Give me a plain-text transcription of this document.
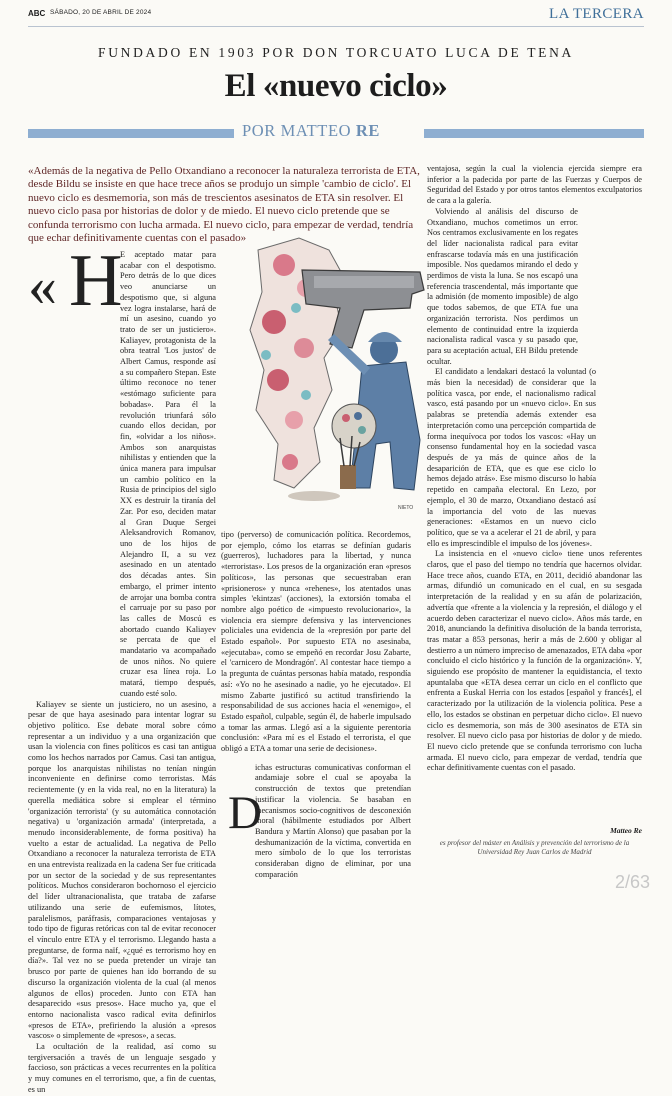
ABC SÁBADO, 20 DE ABRIL DE 2024	LA TERCERA
FUNDADO EN 1903 POR DON TORCUATO LUCA DE TENA
El «nuevo ciclo»
POR MATTEO RE
«Además de la negativa de Pello Otxandiano a reconocer la naturaleza terrorista de ETA, desde Bildu se insiste en que hace trece años se produjo un simple 'cambio de ciclo'. El nuevo ciclo es desmemoria, son más de trescientos asesinatos de ETA sin resolver. El nuevo ciclo pasa por historias de dolor y de miedo. El nuevo ciclo pretende que se confunda terrorismo con lucha armada. El nuevo ciclo, para empezar de verdad, tendría que echar definitivamente cuentas con el pasado»
« H

E aceptado matar para acabar con el despotismo. Pero detrás de lo que dices veo anunciarse un despotismo que, si alguna vez logra instalarse, hará de mí un asesino, cuando yo trato de ser un justiciero». Kaliayev, protagonista de la obra teatral 'Los justos' de Albert Camus, responde así a su compañero Stepan. Este último reconoce no tener «estómago suficiente para bobadas». Para él la revolución triunfará sólo cuando ellos decidan, por fin, «olvidar a los niños». Ambos son anarquistas nihilistas y entienden que la única manera para impulsar un cambio político en la Rusia de principios del siglo XX es destruir la tiranía del Zar. Por eso, deciden matar al Gran Duque Sergei Aleksandrovich Romanov, uno de los hijos de Alejandro II, a su vez asesinado en un atentado dos décadas antes. Sin embargo, el primer intento de arrojar una bomba contra el carruaje por su paso por las calles de Moscú es abortado cuando Kaliayev se percata de que el mandatario va acompañado de unos niños. No quiere cruzar esa línea roja. Lo matará, tiempo después, cuando esté solo.

Kaliayev se siente un justiciero, no un asesino, a pesar de que haya asesinado para intentar lograr su objetivo político. Ese debate moral sobre cómo representar a un individuo y a una organización que usan la violencia con fines políticos es casi tan antigua como los hechos narrados por Camus. Casi tan antigua, porque los anarquistas nihilistas no tenían ningún inconveniente en definirse como terroristas. Más recientemente (y en la vida real, no en la literatura) la querella mediática sobre si emplear el término 'organización terrorista' (y su automática connotación negativa) u 'organización armada' (interpretada, a menudo inconsiderablemente, de forma positiva) ha vuelto a estar de actualidad. La negativa de Pello Otxandiano a reconocer la naturaleza terrorista de ETA en una entrevista realizada en la cadena Ser fue criticada por un sector de la sociedad y de sus representantes políticos. Muchos consideraron bochornoso el ejercicio del líder ultranacionalista, que trataba de zafarse utilizando una serie de eufemismos, lítotes, paralelismos, paráfrasis, comparaciones ventajosas y todo tipo de figuras retóricas con tal de evitar reconocer el vínculo entre ETA y el terrorismo. Llegando hasta a preguntarse, de forma naïf, «¿qué es terrorismo hoy en día?». Tal vez no se pueda pretender un viraje tan brusco por parte de quienes han ido borrando de su discurso la organización violenta de la cual (al menos algunos de ellos) proceden. Junto con ETA han desaparecido «sus presos». Hace mucho ya, que el entorno nacionalista vasco radical evita definirlos «presos de ETA», prefiriendo la alusión a «presos vascos» o simplemente de «presos», a secas.

La ocultación de la realidad, así como su tergiversación a través de un lenguaje sesgado y faccioso, son prácticas a veces recurrentes en la política y muy comunes en el terrorismo, que, a fin de cuentas, es un

NIETO

tipo (perverso) de comunicación política. Recordemos, por ejemplo, cómo los etarras se definían gudaris (guerreros), luchadores para la libertad, y nunca «terroristas». Los presos de la organización eran «presos políticos», las personas que secuestraban eran «prisioneros» y nunca «rehenes», los atentados unas simples 'ekintzas' (acciones), la extorsión tomaba el nombre algo poético de «impuesto revolucionario», la violencia era siempre defensiva y las intervenciones policiales una evidencia de la «represión por parte del Estado español». Por supuesto ETA no asesinaba, «ejecutaba», como se empeñó en recordar Josu Zabarte, el 'carnicero de Mondragón'. Al contestar hace tiempo a la pregunta de cuántas personas había matado, respondía así: «Yo no he asesinado a nadie, yo he ejecutado». El mismo Zabarte justificó su actitud transfiriendo la responsabilidad de sus acciones hacia el «enemigo», el Estado español, culpable, según él, de haberle impulsado a tomar las armas. Llegó así a la siguiente perentoria conclusión: «Para mí es el Estado el terrorista, el que obligó a ETA a tomar una serie de decisiones».

ichas estructuras comunicativas conforman el andamiaje sobre el cual se apoyaba la construcción de textos que pretendían justificar la violencia. Se basaban en mecanismos socio-cognitivos de desconexión moral (hábilmente estudiados por Albert Bandura y Martín Alonso) que pasaban por la deshumanización de la víctima, convertida en mero símbolo de lo que los terroristas consideraban digno de eliminar, por una comparación

D

ventajosa, según la cual la violencia ejercida siempre era inferior a la padecida por parte de las Fuerzas y Cuerpos de Seguridad del Estado y por otros tantos elementos exculpatorios de cara a la galería.

Volviendo al análisis del discurso de Otxandiano, muchos cometimos un error. Nos centramos exclusivamente en los regates del líder nacionalista radical para evitar enfrascarse todavía más en una justificación imposible. Nos quedamos mirando el dedo y perdimos de vista la luna. Se nos escapó una referencia trascendental, más importante que la admisión (de momento imposible) de algo que todos sabemos, de que ETA fue una organización terrorista. Nos perdimos un elemento de continuidad entre la izquierda nacionalista radical vasca y su pasado que, para su aceptación actual, EH Bildu pretende ocultar.

El candidato a lendakari destacó la voluntad (o más bien la necesidad) de considerar que la política vasca, por ende, el nacionalismo radical vasco, está pasando por un «nuevo ciclo». En sus palabras se pretendía además extender esa interpretación como una percepción compartida de forma inequívoca por todos los vascos: «Hay un consenso fundamental hoy en la sociedad vasca después de ya más de quince años de la desaparición de ETA, que es que ese ciclo lo hemos dejado atrás». Ese mismo discurso lo había repetido en campaña electoral. En Lezo, por ejemplo, el 30 de marzo, Otxandiano destacó así la importancia del voto de las nuevas generaciones: «Estamos en un nuevo ciclo político, que se va a acelerar el 21 de abril, y para ello es imprescindible el impulso de los jóvenes».

La insistencia en el «nuevo ciclo» tiene unos referentes claros, que el paso del tiempo no tendría que hacernos olvidar. Hace trece años, cuando ETA, en 2011, decidió abandonar las armas, difundió un comunicado en el cual, en su sesgada interpretación de la realidad y en su afán de polarización, advertía que «frente a la violencia y la represión, el diálogo y el acuerdo deben caracterizar el nuevo ciclo». Años más tarde, en 2018, anunciando la definitiva disolución de la banda terrorista, tras matar a 853 personas, herir a más de 2.600 y obligar al destierro a un número impreciso de amenazados, ETA daba «por concluido el ciclo histórico y la función de la organización». Y, siguiendo ese propósito de mantener la equidistancia, el texto apuntalaba que «ETA desea cerrar un ciclo en el conflicto que enfrenta a Euskal Herria con los estados [español y francés], el caracterizado por la utilización de la violencia política. Pese a ello, los estados se obstinan en perpetuar dicho ciclo». El nuevo ciclo es desmemoria, son más de 300 asesinatos de ETA sin resolver. El nuevo ciclo pasa por historias de dolor y de miedo. El nuevo ciclo pretende que se confunda terrorismo con lucha armada. El nuevo ciclo, para empezar de verdad, tendría que echar definitivamente cuentas con el pasado.

Matteo Re
es profesor del máster en Análisis y prevención del terrorismo de la Universidad Rey Juan Carlos de Madrid
2/63
